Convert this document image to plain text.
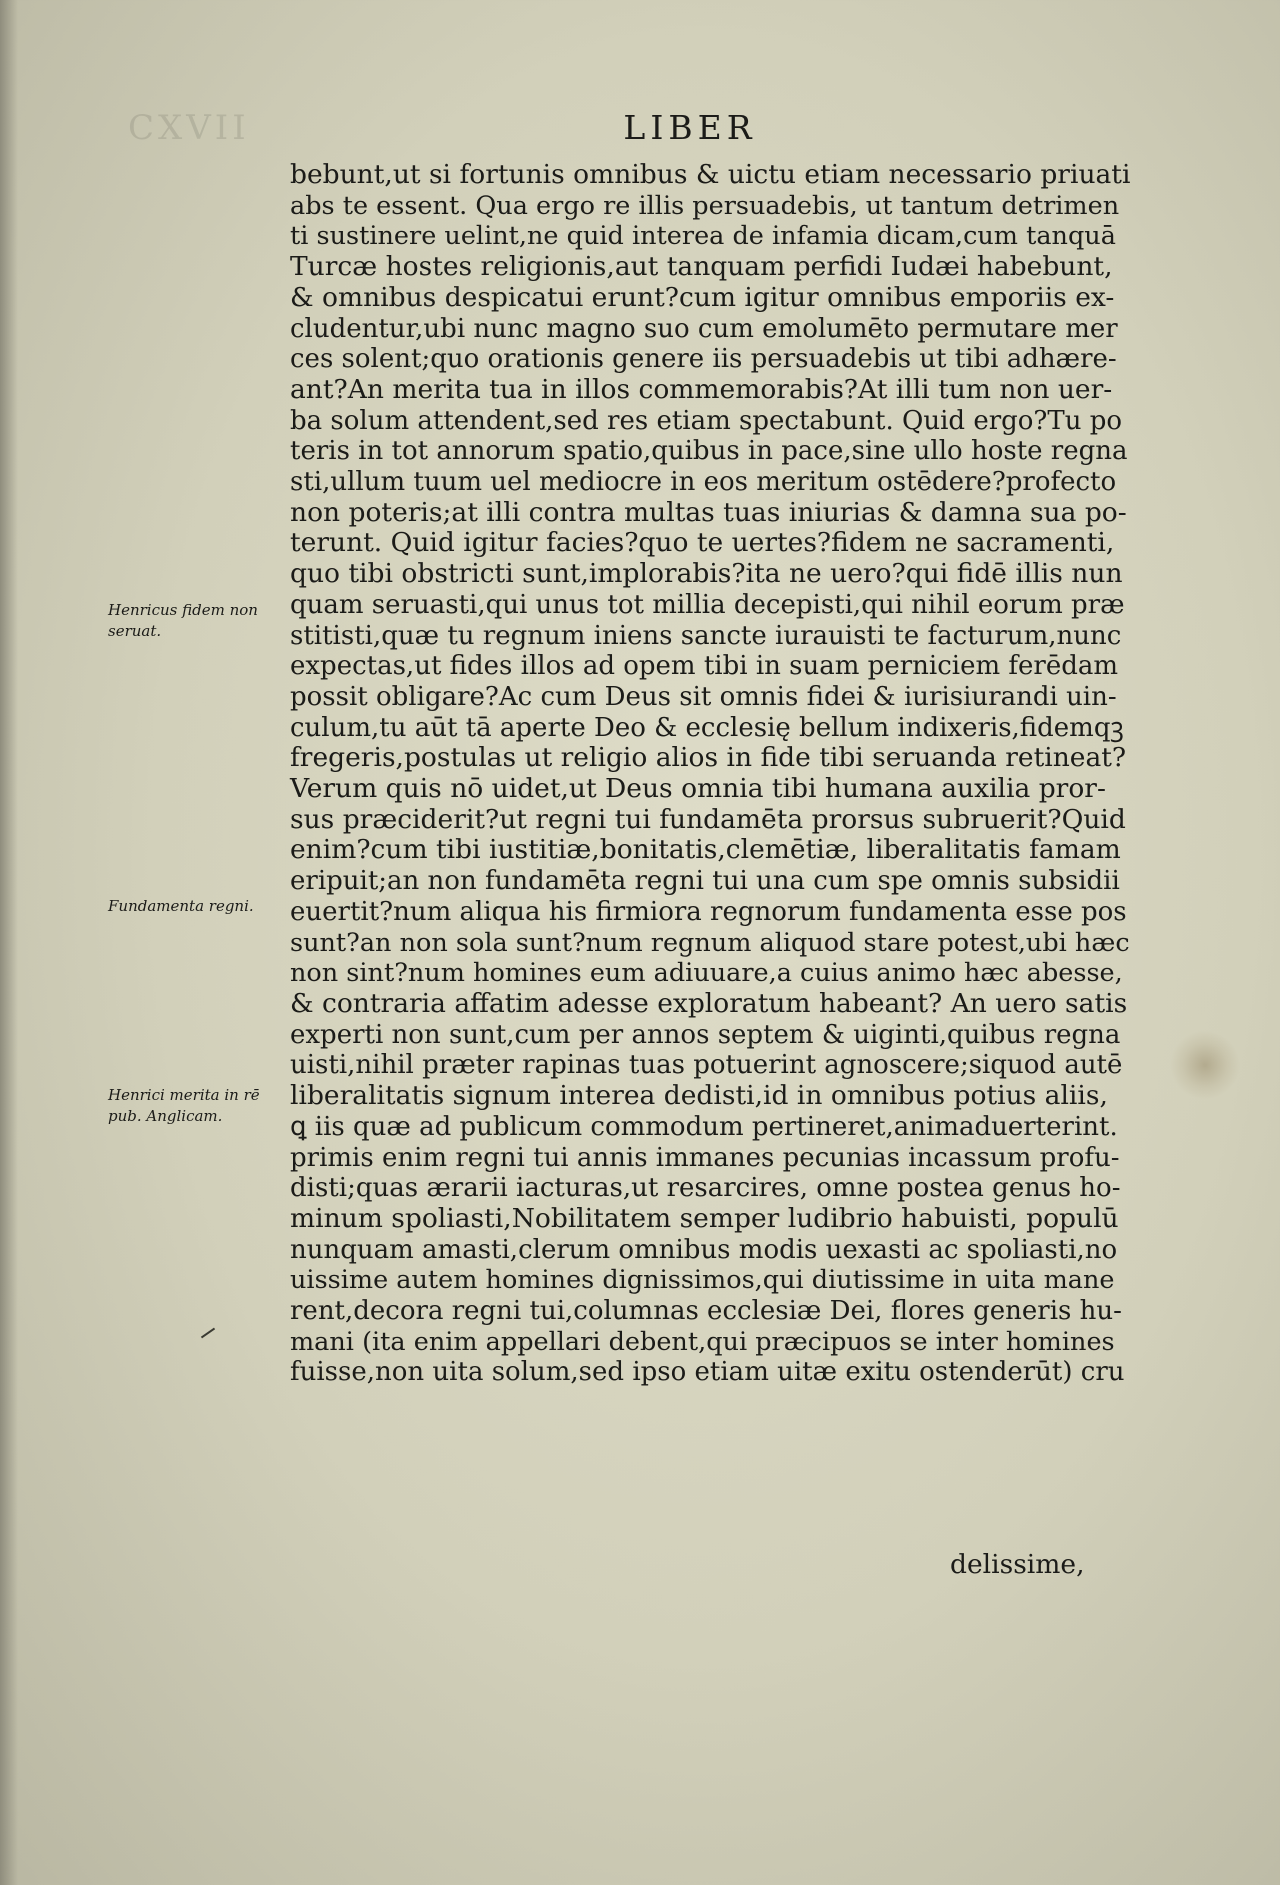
CXVII	LIBER
bebunt,ut si fortunis omnibus & uictu etiam necessario priuati
abs te essent. Qua ergo re illis persuadebis, ut tantum detrimen
ti sustinere uelint,ne quid interea de infamia dicam,cum tanquā
Turcæ hostes religionis,aut tanquam perfidi Iudæi habebunt,
& omnibus despicatui erunt?cum igitur omnibus emporiis ex-
cludentur,ubi nunc magno suo cum emolumēto permutare mer
ces solent;quo orationis genere iis persuadebis ut tibi adhære-
ant?An merita tua in illos commemorabis?At illi tum non uer-
ba solum attendent,sed res etiam spectabunt. Quid ergo?Tu po
teris in tot annorum spatio,quibus in pace,sine ullo hoste regna
sti,ullum tuum uel mediocre in eos meritum ostēdere?profecto
non poteris;at illi contra multas tuas iniurias & damna sua po-
terunt. Quid igitur facies?quo te uertes?fidem ne sacramenti,
quo tibi obstricti sunt,implorabis?ita ne uero?qui fidē illis nun
quam seruasti,qui unus tot millia decepisti,qui nihil eorum præ
stitisti,quæ tu regnum iniens sancte iurauisti te facturum,nunc
expectas,ut fides illos ad opem tibi in suam perniciem ferēdam
possit obligare?Ac cum Deus sit omnis fidei & iurisiurandi uin-
culum,tu aūt tā aperte Deo & ecclesię bellum indixeris,fidemqꝫ
fregeris,postulas ut religio alios in fide tibi seruanda retineat?
Verum quis nō uidet,ut Deus omnia tibi humana auxilia pror-
sus præciderit?ut regni tui fundamēta prorsus subruerit?Quid
enim?cum tibi iustitiæ,bonitatis,clemētiæ, liberalitatis famam
eripuit;an non fundamēta regni tui una cum spe omnis subsidii
euertit?num aliqua his firmiora regnorum fundamenta esse pos
sunt?an non sola sunt?num regnum aliquod stare potest,ubi hæc
non sint?num homines eum adiuuare,a cuius animo hæc abesse,
& contraria affatim adesse exploratum habeant? An uero satis
experti non sunt,cum per annos septem & uiginti,quibus regna
uisti,nihil præter rapinas tuas potuerint agnoscere;siquod autē
liberalitatis signum interea dedisti,id in omnibus potius aliis,
ꝗ iis quæ ad publicum commodum pertineret,animaduerterint.
primis enim regni tui annis immanes pecunias incassum profu-
disti;quas ærarii iacturas,ut resarcires, omne postea genus ho-
minum spoliasti,Nobilitatem semper ludibrio habuisti, populū
nunquam amasti,clerum omnibus modis uexasti ac spoliasti,no
uissime autem homines dignissimos,qui diutissime in uita mane
rent,decora regni tui,columnas ecclesiæ Dei, flores generis hu-
mani (ita enim appellari debent,qui præcipuos se inter homines
fuisse,non uita solum,sed ipso etiam uitæ exitu ostenderūt) cru
delissime,
Henricus fidem non
seruat.
Fundamenta regni.
Henrici merita in rē
pub. Anglicam.
